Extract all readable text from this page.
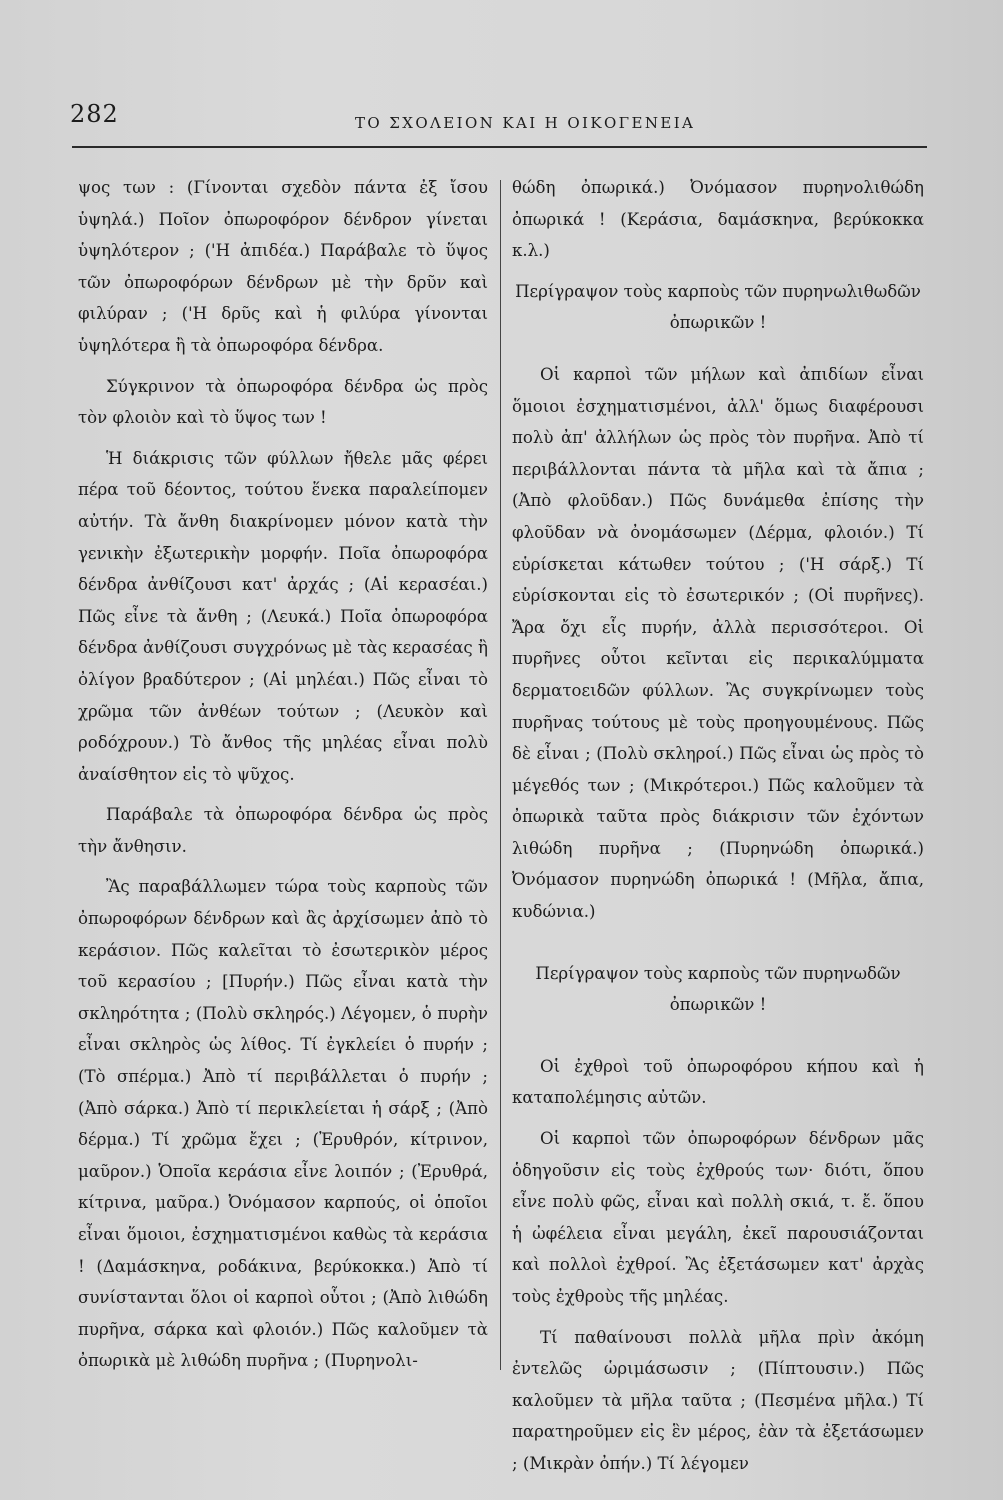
282	ΤΟ ΣΧΟΛΕΙΟΝ ΚΑΙ Η ΟΙΚΟΓΕΝΕΙΑ

ψος των : (Γίνονται σχεδὸν πάντα ἐξ ἴσου ὑψηλά.) Ποῖον ὀπωροφόρον δένδρον γίνεται ὑψηλότερον ; ('Η ἀπιδέα.) Παράβαλε τὸ ὕψος τῶν ὀπωροφόρων δένδρων μὲ τὴν δρῦν καὶ φιλύραν ; ('Η δρῦς καὶ ἡ φιλύρα γίνονται ὑψηλότερα ἢ τὰ ὀπωροφόρα δένδρα.

Σύγκρινον τὰ ὀπωροφόρα δένδρα ὡς πρὸς τὸν φλοιὸν καὶ τὸ ὕψος των !

Ἡ διάκρισις τῶν φύλλων ἤθελε μᾶς φέρει πέρα τοῦ δέοντος, τούτου ἕνεκα παραλείπομεν αὐτήν. Τὰ ἄνθη διακρίνομεν μόνον κατὰ τὴν γενικὴν ἐξωτερικὴν μορφήν. Ποῖα ὀπωροφόρα δένδρα ἀνθίζουσι κατ' ἀρχάς ; (Αἱ κερασέαι.) Πῶς εἶνε τὰ ἄνθη ; (Λευκά.) Ποῖα ὀπωροφόρα δένδρα ἀνθίζουσι συγχρόνως μὲ τὰς κερασέας ἢ ὀλίγον βραδύτερον ; (Αἱ μηλέαι.) Πῶς εἶναι τὸ χρῶμα τῶν ἀνθέων τούτων ; (Λευκὸν καὶ ροδόχρουν.) Τὸ ἄνθος τῆς μηλέας εἶναι πολὺ ἀναίσθητον εἰς τὸ ψῦχος.

Παράβαλε τὰ ὀπωροφόρα δένδρα ὡς πρὸς τὴν ἄνθησιν.

Ἂς παραβάλλωμεν τώρα τοὺς καρποὺς τῶν ὀπωροφόρων δένδρων καὶ ἂς ἀρχίσωμεν ἀπὸ τὸ κεράσιον. Πῶς καλεῖται τὸ ἐσωτερικὸν μέρος τοῦ κερασίου ; [Πυρήν.) Πῶς εἶναι κατὰ τὴν σκληρότητα ; (Πολὺ σκληρός.) Λέγομεν, ὁ πυρὴν εἶναι σκληρὸς ὡς λίθος. Τί ἐγκλείει ὁ πυρήν ; (Τὸ σπέρμα.) Ἀπὸ τί περιβάλλεται ὁ πυρήν ; (Ἀπὸ σάρκα.) Ἀπὸ τί περικλείεται ἡ σάρξ ; (Ἀπὸ δέρμα.) Τί χρῶμα ἔχει ; (Ἐρυθρόν, κίτρινον, μαῦρον.) Ὁποῖα κεράσια εἶνε λοιπόν ; (Ἐρυθρά, κίτρινα, μαῦρα.) Ὀνόμασον καρπούς, οἱ ὁποῖοι εἶναι ὅμοιοι, ἐσχηματισμένοι καθὼς τὰ κεράσια ! (Δαμάσκηνα, ροδάκινα, βερύκοκκα.) Ἀπὸ τί συνίστανται ὅλοι οἱ καρποὶ οὗτοι ; (Ἀπὸ λιθώδη πυρῆνα, σάρκα καὶ φλοιόν.) Πῶς καλοῦμεν τὰ ὀπωρικὰ μὲ λιθώδη πυρῆνα ; (Πυρηνολι-

θώδη ὀπωρικά.) Ὀνόμασον πυρηνολιθώδη ὀπωρικά ! (Κεράσια, δαμάσκηνα, βερύκοκκα κ.λ.)

Περίγραψον τοὺς καρποὺς τῶν πυρηνωλιθωδῶν ὀπωρικῶν !

Οἱ καρποὶ τῶν μήλων καὶ ἀπιδίων εἶναι ὅμοιοι ἐσχηματισμένοι, ἀλλ' ὅμως διαφέρουσι πολὺ ἀπ' ἀλλήλων ὡς πρὸς τὸν πυρῆνα. Ἀπὸ τί περιβάλλονται πάντα τὰ μῆλα καὶ τὰ ἄπια ; (Ἀπὸ φλοῦδαν.) Πῶς δυνάμεθα ἐπίσης τὴν φλοῦδαν νὰ ὀνομάσωμεν (Δέρμα, φλοιόν.) Τί εὑρίσκεται κάτωθεν τούτου ; ('Η σάρξ.) Τί εὑρίσκονται εἰς τὸ ἐσωτερικόν ; (Οἱ πυρῆνες). Ἄρα ὄχι εἷς πυρήν, ἀλλὰ περισσότεροι. Οἱ πυρῆνες οὗτοι κεῖνται εἰς περικαλύμματα δερματοειδῶν φύλλων. Ἂς συγκρίνωμεν τοὺς πυρῆνας τούτους μὲ τοὺς προηγουμένους. Πῶς δὲ εἶναι ; (Πολὺ σκληροί.) Πῶς εἶναι ὡς πρὸς τὸ μέγεθός των ; (Μικρότεροι.) Πῶς καλοῦμεν τὰ ὀπωρικὰ ταῦτα πρὸς διάκρισιν τῶν ἐχόντων λιθώδη πυρῆνα ; (Πυρηνώδη ὀπωρικά.) Ὀνόμασον πυρηνώδη ὀπωρικά ! (Μῆλα, ἄπια, κυδώνια.)

Περίγραψον τοὺς καρποὺς τῶν πυρηνωδῶν ὀπωρικῶν !

Οἱ ἐχθροὶ τοῦ ὀπωροφόρου κήπου καὶ ἡ καταπολέμησις αὐτῶν.

Οἱ καρποὶ τῶν ὀπωροφόρων δένδρων μᾶς ὁδηγοῦσιν εἰς τοὺς ἐχθρούς των· διότι, ὅπου εἶνε πολὺ φῶς, εἶναι καὶ πολλὴ σκιά, τ. ἔ. ὅπου ἡ ὠφέλεια εἶναι μεγάλη, ἐκεῖ παρουσιάζονται καὶ πολλοὶ ἐχθροί. Ἂς ἐξετάσωμεν κατ' ἀρχὰς τοὺς ἐχθροὺς τῆς μηλέας.

Τί παθαίνουσι πολλὰ μῆλα πρὶν ἀκόμη ἐντελῶς ὡριμάσωσιν ; (Πίπτουσιν.) Πῶς καλοῦμεν τὰ μῆλα ταῦτα ; (Πεσμένα μῆλα.) Τί παρατηροῦμεν εἰς ἓν μέρος, ἐὰν τὰ ἐξετάσωμεν ; (Μικρὰν ὀπήν.) Τί λέγομεν
